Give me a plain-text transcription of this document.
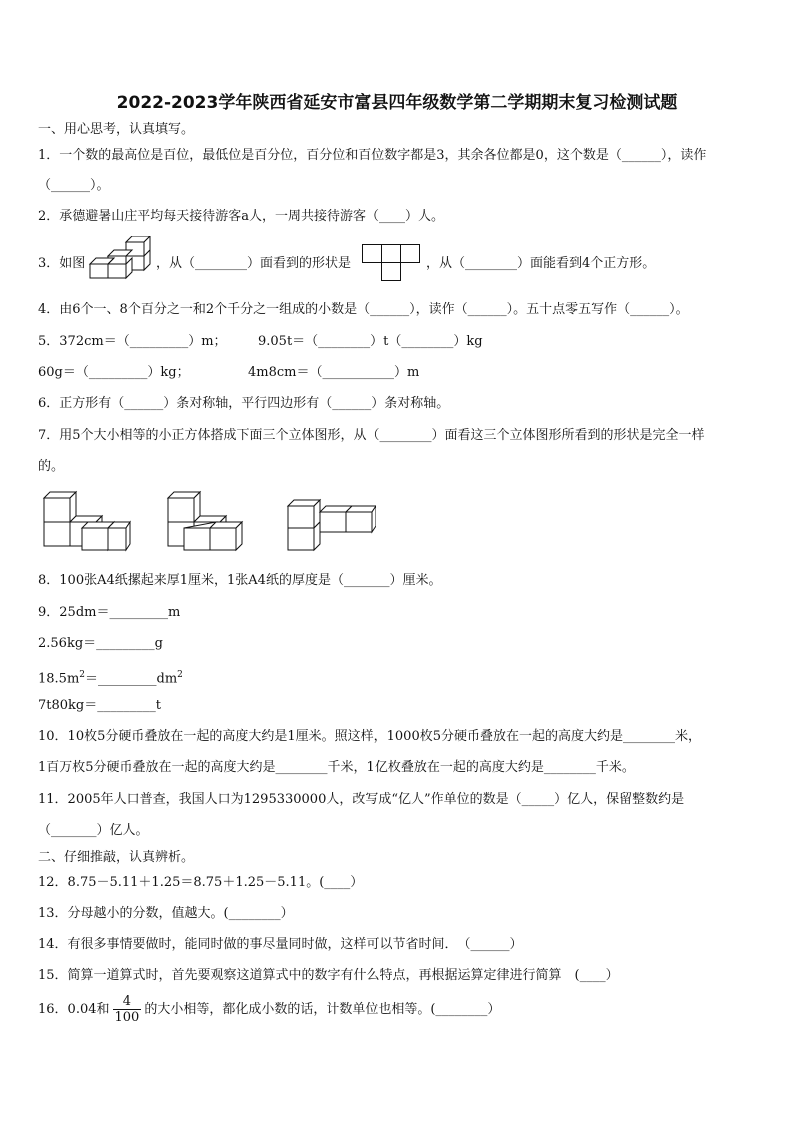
2022-2023学年陕西省延安市富县四年级数学第二学期期末复习检测试题
一、用心思考，认真填写。
1．一个数的最高位是百位，最低位是百分位，百分位和百位数字都是3，其余各位都是0，这个数是（______），读作
（______）。
2．承德避暑山庄平均每天接待游客a人，一周共接待游客（____）人。
3．如图	，从（________）面看到的形状是	，从（________）面能看到4个正方形。
4．由6个一、8个百分之一和2个千分之一组成的小数是（______），读作（______）。五十点零五写作（______）。
5．372cm＝（_________）m； 9.05t＝（________）t（________）kg
60g＝（_________）kg；	4m8cm＝（___________）m
6．正方形有（______）条对称轴，平行四边形有（______）条对称轴。
7．用5个大小相等的小正方体搭成下面三个立体图形，从（________）面看这三个立体图形所看到的形状是完全一样
的。
8．100张A4纸摞起来厚1厘米，1张A4纸的厚度是（_______）厘米。
9．25dm＝_________m
2.56kg＝_________g
$18.5m^2=\_\_\_\_\_\_\_\_\_dm^2$
7t80kg＝_________t
10．10枚5分硬币叠放在一起的高度大约是1厘米。照这样，1000枚5分硬币叠放在一起的高度大约是________米，
1百万枚5分硬币叠放在一起的高度大约是________千米，1亿枚叠放在一起的高度大约是________千米。
11．2005年人口普查，我国人口为1295330000人，改写成“亿人”作单位的数是（_____）亿人，保留整数约是
（_______）亿人。
二、仔细推敲，认真辨析。
12．8.75－5.11＋1.25＝8.75＋1.25－5.11。(____）
13．分母越小的分数，值越大。(________）
14．有很多事情要做时，能同时做的事尽量同时做，这样可以节省时间．　（______）
15．简算一道算式时，首先要观察这道算式中的数字有什么特点，再根据运算定律进行简算　(____）
16．0.04和 $\frac{4}{100}$ 的大小相等，都化成小数的话，计数单位也相等。(________）
